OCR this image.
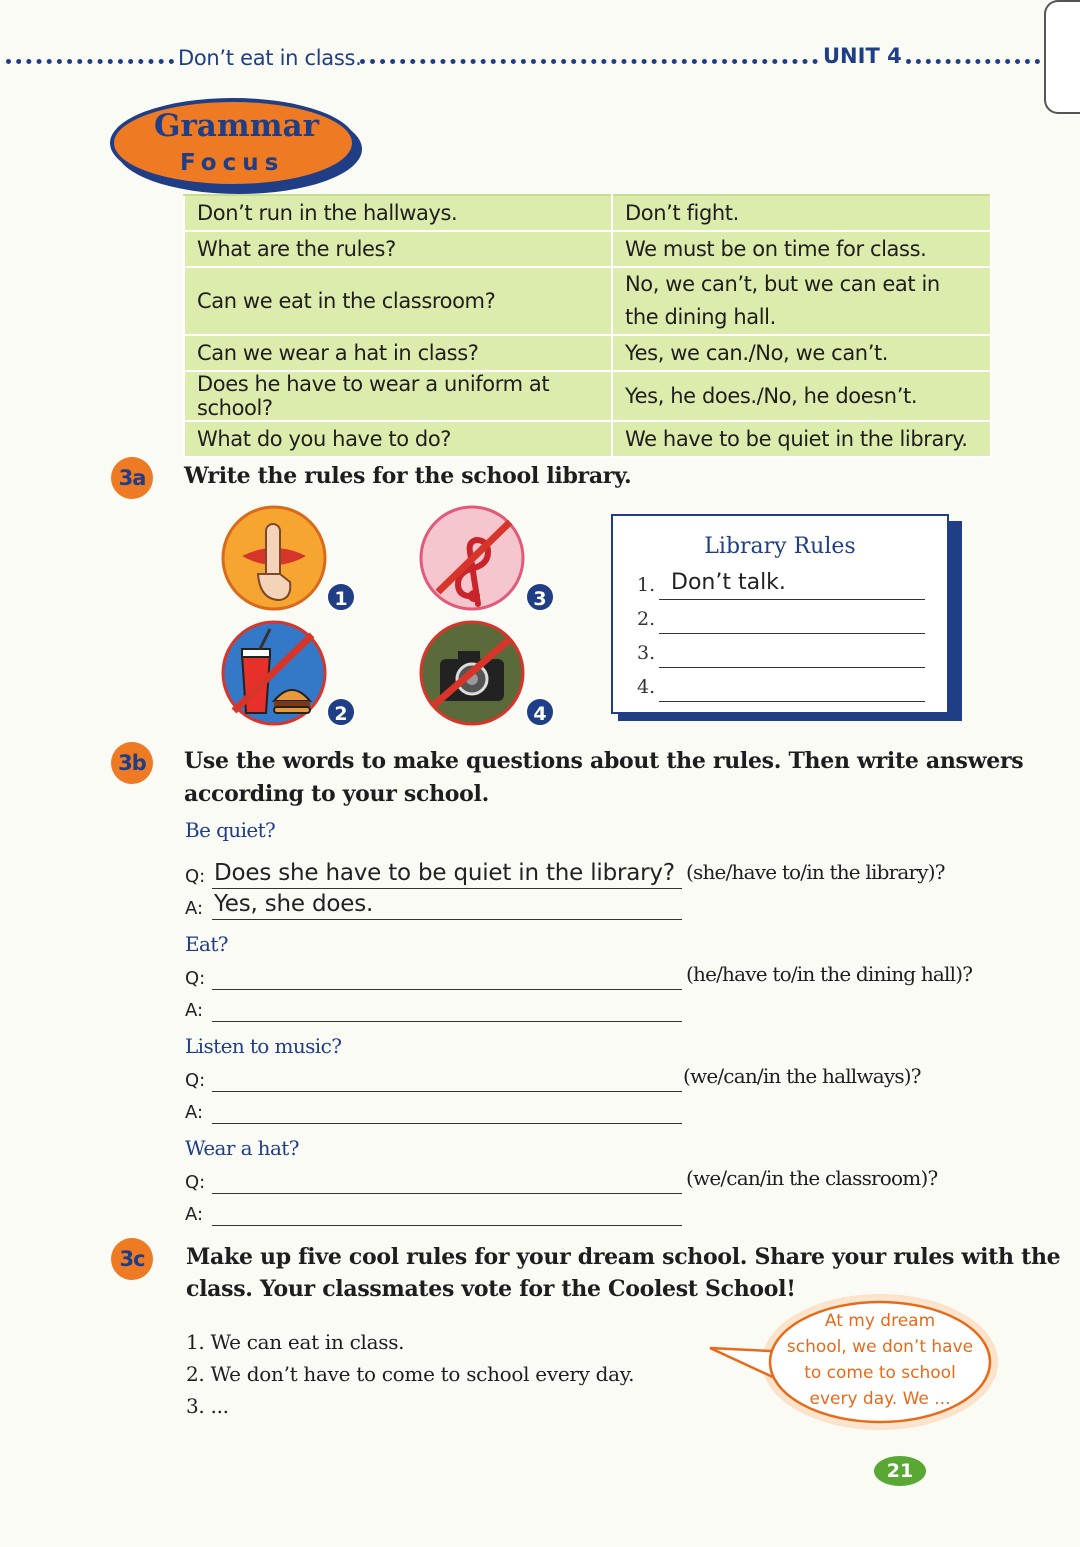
Don’t eat in class.	UNIT 4
Grammar
Focus
Don’t run in the hallways.	Don’t fight.
What are the rules?	We must be on time for class.
Can we eat in the classroom?	No, we can’t, but we can eat in the dining hall.
Can we wear a hat in class?	Yes, we can./No, we can’t.
Does he have to wear a uniform at school?	Yes, he does./No, he doesn’t.
What do you have to do?	We have to be quiet in the library.
3a	Write the rules for the school library.
1	3
2	4
Library Rules
1. Don’t talk.
2.
3.
4.
3b	Use the words to make questions about the rules. Then write answers
according to your school.
Be quiet?
Q: Does she have to be quiet in the library? (she/have to/in the library)?
A: Yes, she does.
Eat?
Q:	(he/have to/in the dining hall)?
A:
Listen to music?
Q:	(we/can/in the hallways)?
A:
Wear a hat?
Q:	(we/can/in the classroom)?
A:
3c	Make up five cool rules for your dream school. Share your rules with the
class. Your classmates vote for the Coolest School!
1. We can eat in class.
2. We don’t have to come to school every day.
3. ...
At my dream
school, we don’t have
to come to school
every day. We ...
21
